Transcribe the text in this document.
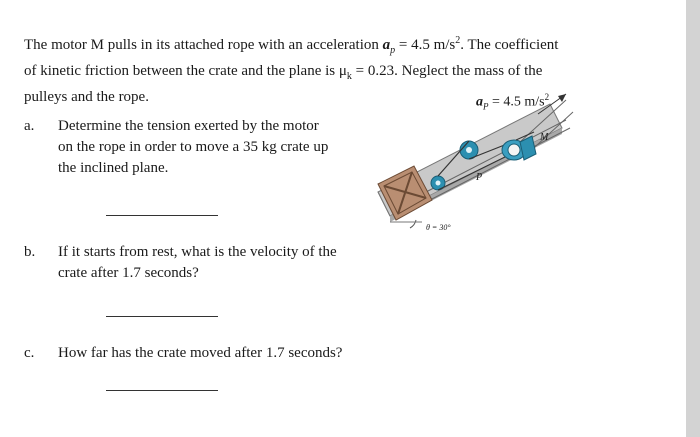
The motor M pulls in its attached rope with an acceleration $a_p = 4.5$ $m/s^2$. The coefficient
of kinetic friction between the crate and the plane is $\mu_k = 0.23$. Neglect the mass of the
pulleys and the rope.
a. Determine the tension exerted by the motor
on the rope in order to move a 35 kg crate up
the inclined plane.
b. If it starts from rest, what is the velocity of the
crate after 1.7 seconds?
c. How far has the crate moved after 1.7 seconds?
$a_P = 4.5$ $m/s^2$
M
P
θ = 30°
